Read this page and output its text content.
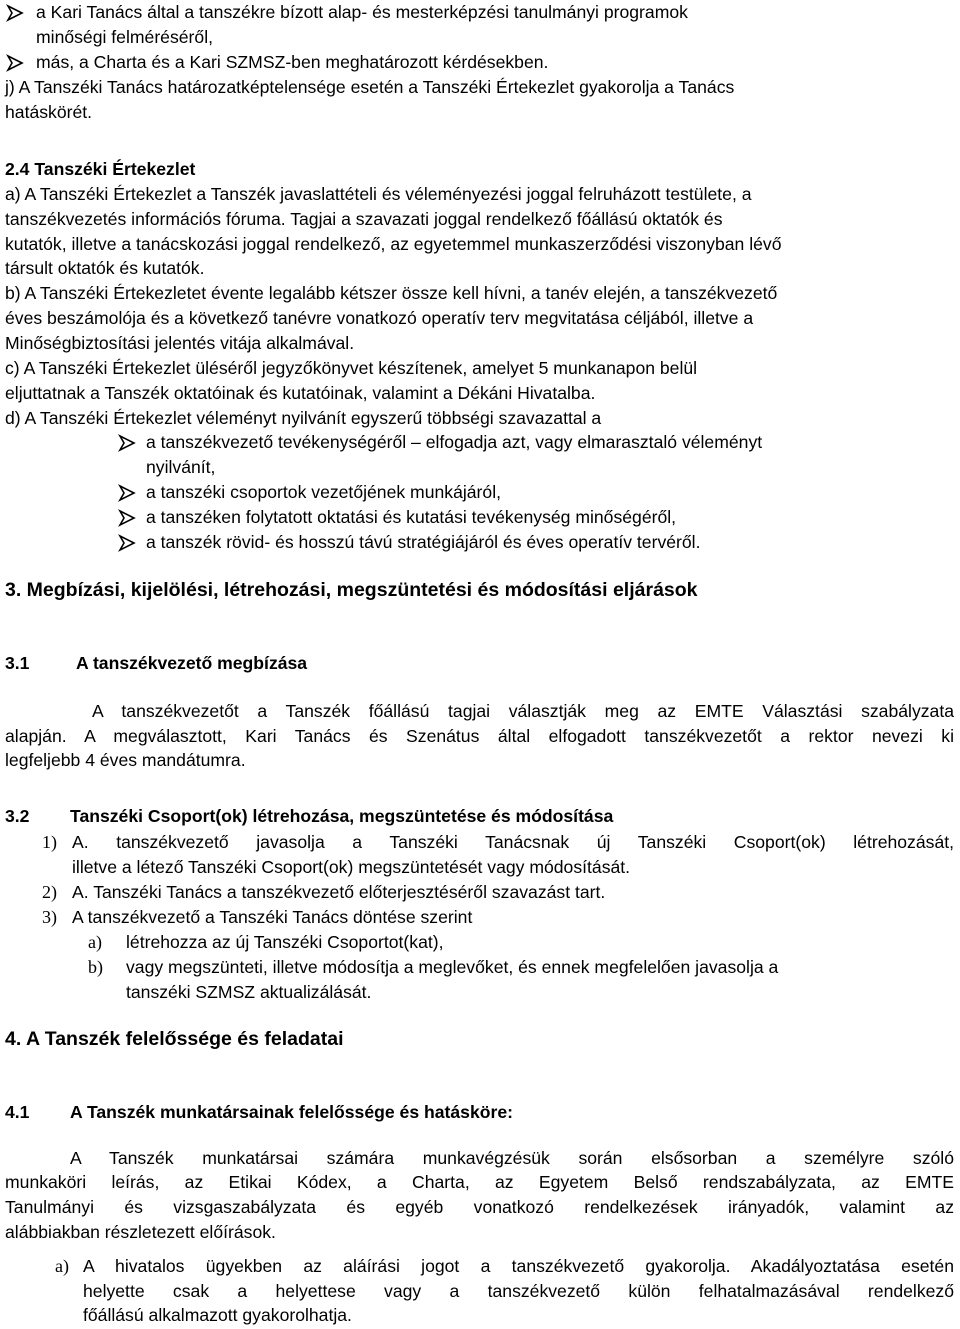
a Kari Tanács által a tanszékre bízott alap- és mesterképzési tanulmányi programok
minőségi felméréséről,
más, a Charta és a Kari SZMSZ-ben meghatározott kérdésekben.
j) A Tanszéki Tanács határozatképtelensége esetén a Tanszéki Értekezlet gyakorolja a Tanács
hatáskörét.
2.4 Tanszéki Értekezlet
a) A Tanszéki Értekezlet a Tanszék javaslattételi és véleményezési joggal felruházott testülete, a
tanszékvezetés információs fóruma. Tagjai a szavazati joggal rendelkező főállású oktatók és
kutatók, illetve a tanácskozási joggal rendelkező, az egyetemmel munkaszerződési viszonyban lévő
társult oktatók és kutatók.
b) A Tanszéki Értekezletet évente legalább kétszer össze kell hívni, a tanév elején, a tanszékvezető
éves beszámolója és a következő tanévre vonatkozó operatív terv megvitatása céljából, illetve a
Minőségbiztosítási jelentés vitája alkalmával.
c) A Tanszéki Értekezlet üléséről jegyzőkönyvet készítenek, amelyet 5 munkanapon belül
eljuttatnak a Tanszék oktatóinak és kutatóinak, valamint a Dékáni Hivatalba.
d) A Tanszéki Értekezlet véleményt nyilvánít egyszerű többségi szavazattal a
a tanszékvezető tevékenységéről – elfogadja azt, vagy elmarasztaló véleményt
nyilvánít,
a tanszéki csoportok vezetőjének munkájáról,
a tanszéken folytatott oktatási és kutatási tevékenység minőségéről,
a tanszék rövid- és hosszú távú stratégiájáról és éves operatív tervéről.
3. Megbízási, kijelölési, létrehozási, megszüntetési és módosítási eljárások
3.1	A tanszékvezető megbízása
A tanszékvezetőt a Tanszék főállású tagjai választják meg az EMTE Választási szabályzata
alapján. A megválasztott, Kari Tanács és Szenátus által elfogadott tanszékvezetőt a rektor nevezi ki
legfeljebb 4 éves mandátumra.
3.2 Tanszéki Csoport(ok) létrehozása, megszüntetése és módosítása
1) A. tanszékvezető javasolja a Tanszéki Tanácsnak új Tanszéki Csoport(ok) létrehozását,
illetve a létező Tanszéki Csoport(ok) megszüntetését vagy módosítását.
2) A. Tanszéki Tanács a tanszékvezető előterjesztéséről szavazást tart.
3) A tanszékvezető a Tanszéki Tanács döntése szerint
a) létrehozza az új Tanszéki Csoportot(kat),
b) vagy megszünteti, illetve módosítja a meglevőket, és ennek megfelelően javasolja a
tanszéki SZMSZ aktualizálását.
4. A Tanszék felelőssége és feladatai
4.1 A Tanszék munkatársainak felelőssége és hatásköre:
A Tanszék munkatársai számára munkavégzésük során elsősorban a személyre szóló
munkaköri leírás, az Etikai Kódex, a Charta, az Egyetem Belső rendszabályzata, az EMTE
Tanulmányi és vizsgaszabályzata és egyéb vonatkozó rendelkezések irányadók, valamint az
alábbiakban részletezett előírások.
a) A hivatalos ügyekben az aláírási jogot a tanszékvezető gyakorolja. Akadályoztatása esetén
helyette csak a helyettese vagy a tanszékvezető külön felhatalmazásával rendelkező
főállású alkalmazott gyakorolhatja.
